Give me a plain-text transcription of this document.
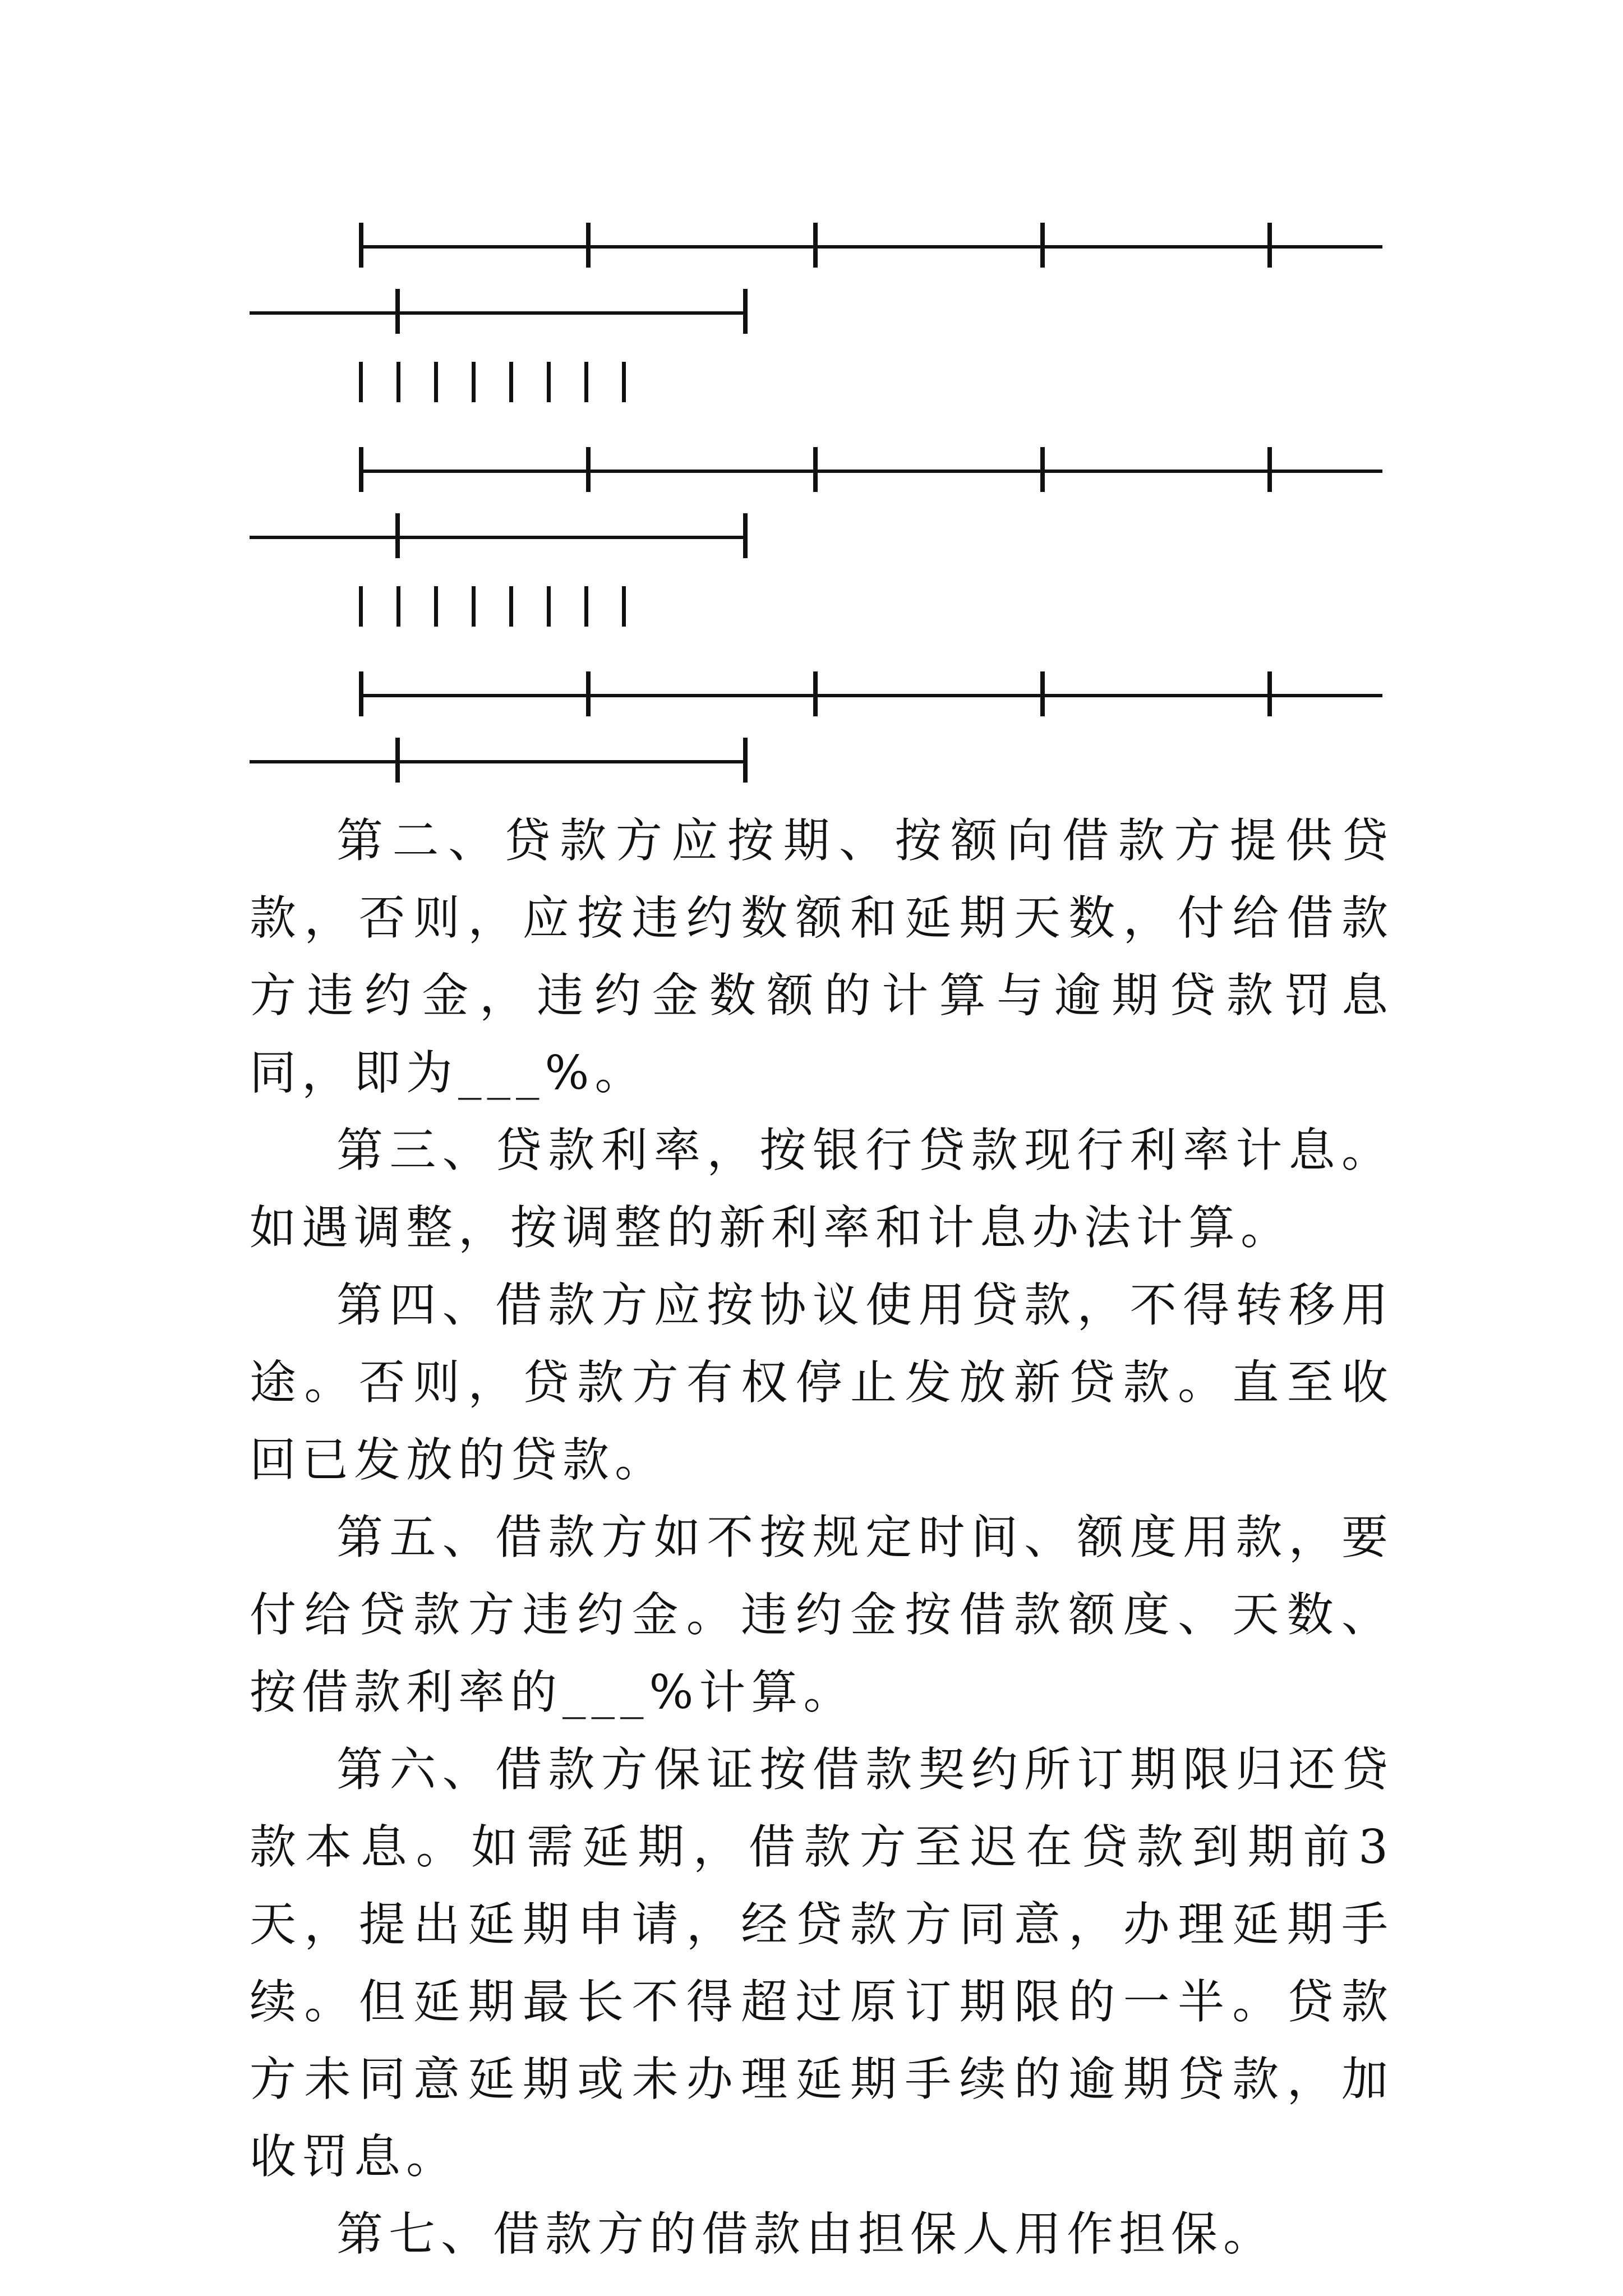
第二、贷款方应按期、按额向借款方提供贷款，否则，应按违约数额和延期天数，付给借款方违约金，违约金数额的计算与逾期贷款罚息同，即为___%。

第三、贷款利率，按银行贷款现行利率计息。如遇调整，按调整的新利率和计息办法计算。

第四、借款方应按协议使用贷款，不得转移用途。否则，贷款方有权停止发放新贷款。直至收回已发放的贷款。

第五、借款方如不按规定时间、额度用款，要付给贷款方违约金。违约金按借款额度、天数、按借款利率的___%计算。

第六、借款方保证按借款契约所订期限归还贷款本息。如需延期，借款方至迟在贷款到期前3天，提出延期申请，经贷款方同意，办理延期手续。但延期最长不得超过原订期限的一半。贷款方未同意延期或未办理延期手续的逾期贷款，加收罚息。

第七、借款方的借款由担保人用作担保。
